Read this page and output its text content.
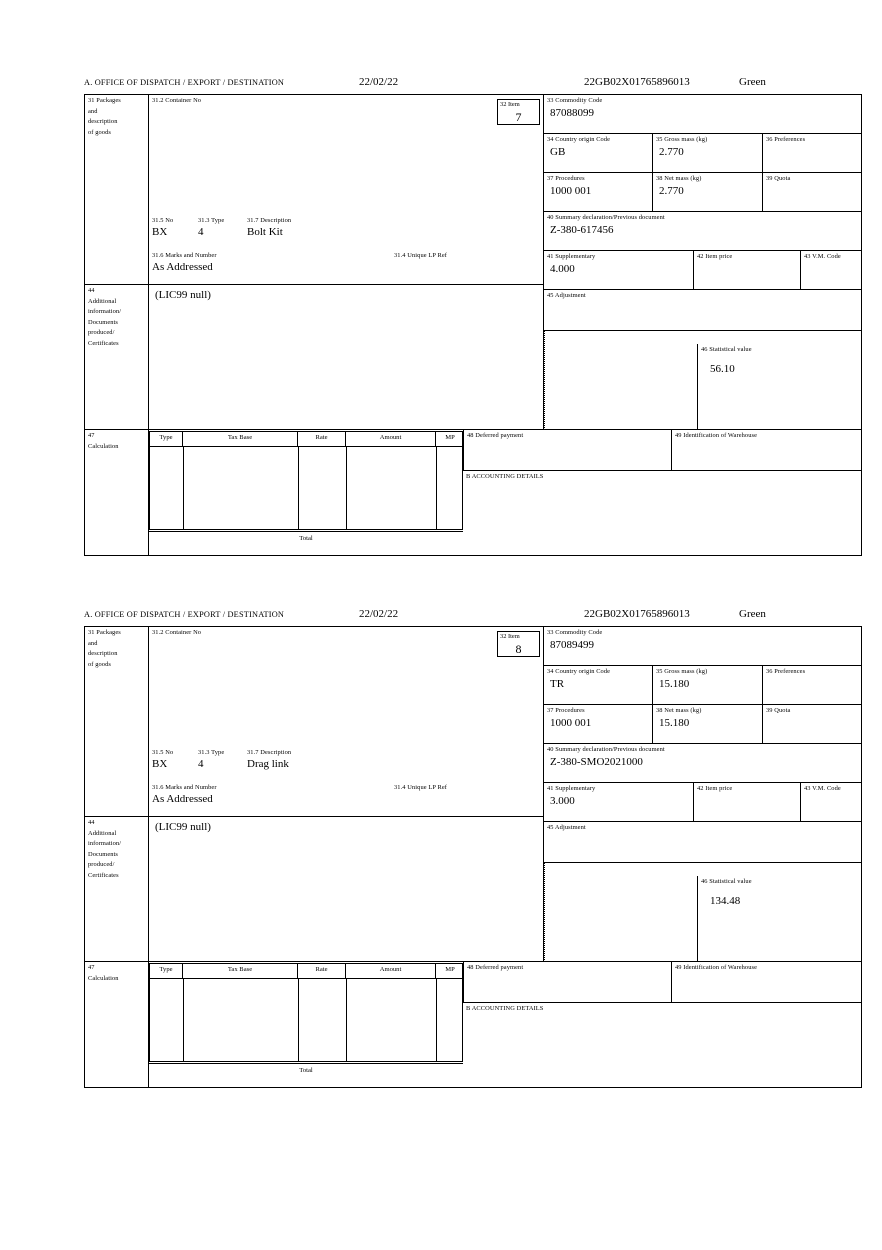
A. OFFICE OF DISPATCH / EXPORT / DESTINATION	22/02/22	22GB02X01765896013	Green
31 Packages
and
description
of goods
31.2 Container No
31.5 No	31.3 Type	31.7 Description
BX	4	Bolt Kit
31.6 Marks and Number	31.4 Unique LP Ref
As Addressed
32 Item
7
33 Commodity Code
87088099
34 Country origin Code
GB
35 Gross mass (kg)
2.770
36 Preferences
37 Procedures
1000 001
38 Net mass (kg)
2.770
39 Quota
40 Summary declaration/Previous document
Z-380-617456
41 Supplementary
4.000
42 Item price	43 V.M. Code
44
Additional
information/
Documents
produced/
Certificates
(LIC99 null)	45 Adjustment
46 Statistical value
56.10
47
Calculation
Type	Tax Base	Rate	Amount	MP
Total
48 Deferred payment	49 Identification of Warehouse
B ACCOUNTING DETAILS
A. OFFICE OF DISPATCH / EXPORT / DESTINATION	22/02/22	22GB02X01765896013	Green
31 Packages
and
description
of goods
31.2 Container No
31.5 No	31.3 Type	31.7 Description
BX	4	Drag link
31.6 Marks and Number	31.4 Unique LP Ref
As Addressed
32 Item
8
33 Commodity Code
87089499
34 Country origin Code
TR
35 Gross mass (kg)
15.180
36 Preferences
37 Procedures
1000 001
38 Net mass (kg)
15.180
39 Quota
40 Summary declaration/Previous document
Z-380-SMO2021000
41 Supplementary
3.000
42 Item price	43 V.M. Code
44
Additional
information/
Documents
produced/
Certificates
(LIC99 null)	45 Adjustment
46 Statistical value
134.48
47
Calculation
Type	Tax Base	Rate	Amount	MP
Total
48 Deferred payment	49 Identification of Warehouse
B ACCOUNTING DETAILS
